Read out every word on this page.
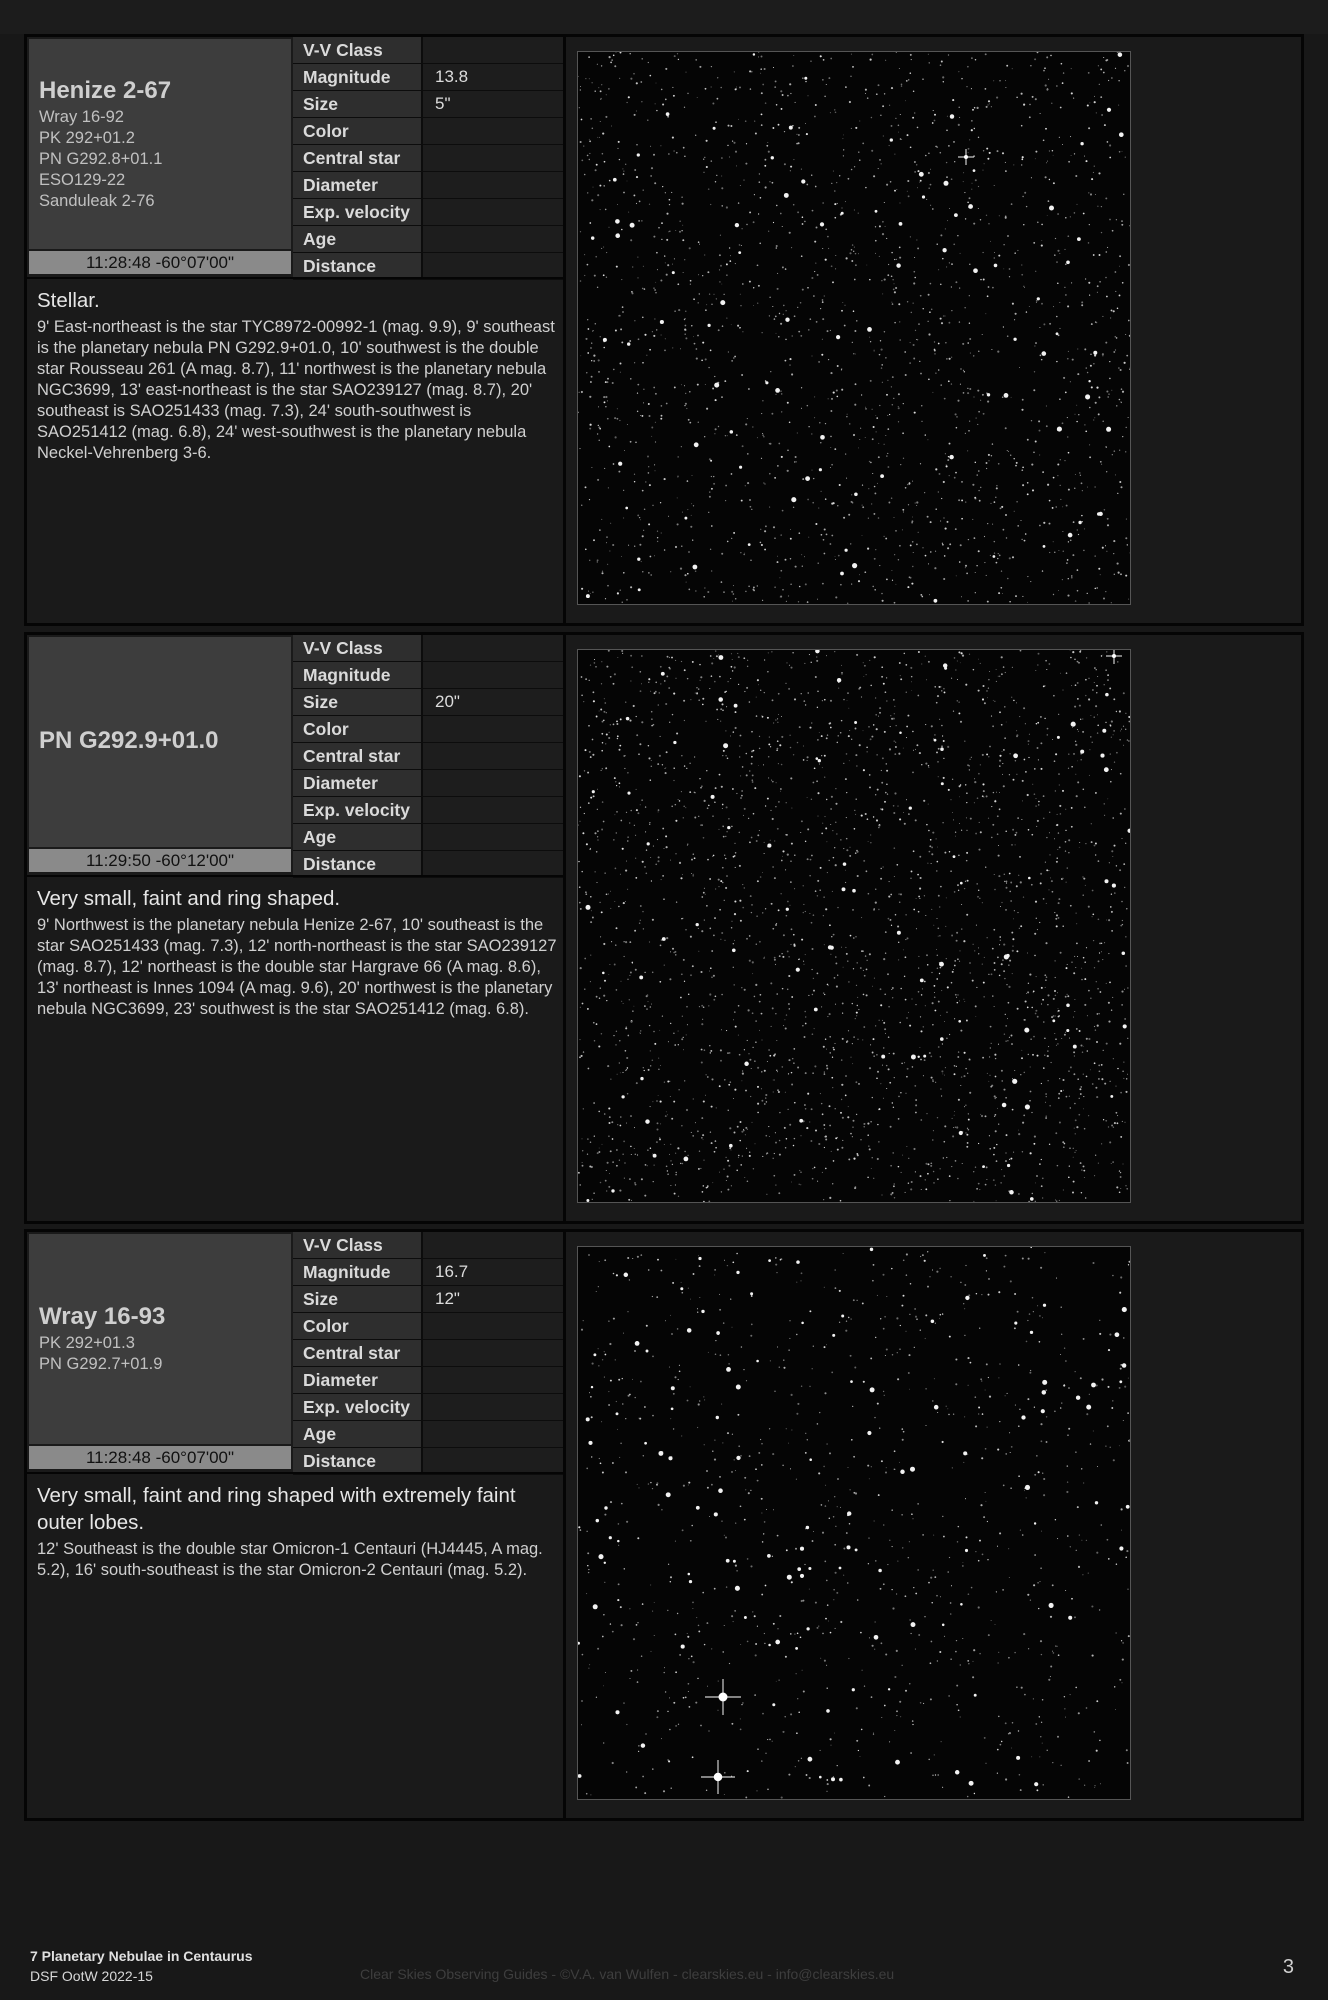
Henize 2-67
Wray 16-92
PK 292+01.2
PN G292.8+01.1
ESO129-22
Sanduleak 2-76
11:28:48 -60°07'00"
V-V Class
Magnitude	13.8
Size	5"
Color
Central star
Diameter
Exp. velocity
Age
Distance
Stellar.
9' East-northeast is the star TYC8972-00992-1 (mag. 9.9), 9' southeast is the planetary nebula PN G292.9+01.0, 10' southwest is the double star Rousseau 261 (A mag. 8.7), 11' northwest is the planetary nebula NGC3699, 13' east-northeast is the star SAO239127 (mag. 8.7), 20' southeast is SAO251433 (mag. 7.3), 24' south-southwest is SAO251412 (mag. 6.8), 24' west-southwest is the planetary nebula Neckel-Vehrenberg 3-6.
PN G292.9+01.0
11:29:50 -60°12'00"
V-V Class
Magnitude
Size	20"
Color
Central star
Diameter
Exp. velocity
Age
Distance
Very small, faint and ring shaped.
9' Northwest is the planetary nebula Henize 2-67, 10' southeast is the star SAO251433 (mag. 7.3), 12' north-northeast is the star SAO239127 (mag. 8.7), 12' northeast is the double star Hargrave 66 (A mag. 8.6), 13' northeast is Innes 1094 (A mag. 9.6), 20' northwest is the planetary nebula NGC3699, 23' southwest is the star SAO251412 (mag. 6.8).
Wray 16-93
PK 292+01.3
PN G292.7+01.9
11:28:48 -60°07'00"
V-V Class
Magnitude	16.7
Size	12"
Color
Central star
Diameter
Exp. velocity
Age
Distance
Very small, faint and ring shaped with extremely faint outer lobes.
12' Southeast is the double star Omicron-1 Centauri (HJ4445, A mag. 5.2), 16' south-southeast is the star Omicron-2 Centauri (mag. 5.2).
7 Planetary Nebulae in Centaurus
DSF OotW 2022-15	Clear Skies Observing Guides - ©V.A. van Wulfen - clearskies.eu - info@clearskies.eu	3
